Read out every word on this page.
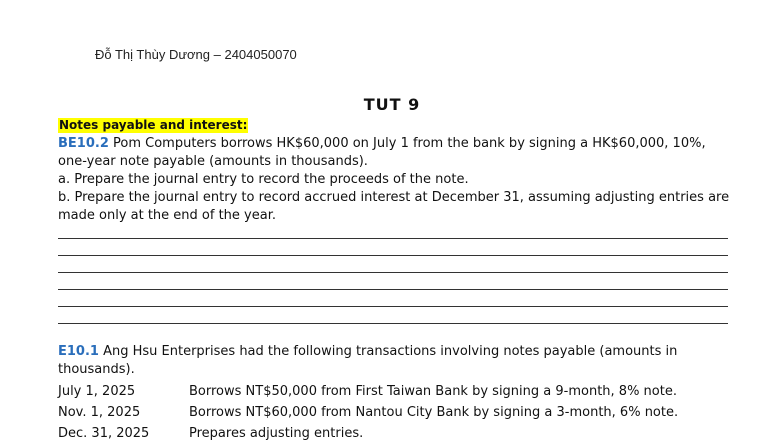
Đỗ Thị Thùy Dương – 2404050070
TUT 9
Notes payable and interest:
BE10.2 Pom Computers borrows HK$60,000 on July 1 from the bank by signing a HK$60,000, 10%, one-year note payable (amounts in thousands).
a. Prepare the journal entry to record the proceeds of the note.
b. Prepare the journal entry to record accrued interest at December 31, assuming adjusting entries are made only at the end of the year.
E10.1 Ang Hsu Enterprises had the following transactions involving notes payable (amounts in thousands).
July 1, 2025	Borrows NT$50,000 from First Taiwan Bank by signing a 9-month, 8% note.
Nov. 1, 2025	Borrows NT$60,000 from Nantou City Bank by signing a 3-month, 6% note.
Dec. 31, 2025	Prepares adjusting entries.
